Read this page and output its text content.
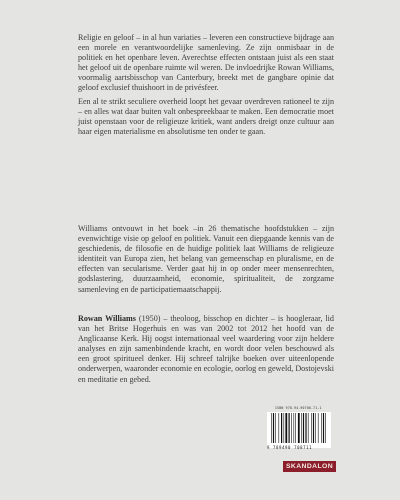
Religie en geloof – in al hun variaties – leveren een constructieve bijdrage aan een morele en verantwoordelijke samenleving. Ze zijn onmisbaar in de politiek en het openbare leven. Averechtse effecten ontstaan juist als een staat het geloof uit de openbare ruimte wil weren. De invloedrijke Rowan Williams, voormalig aartsbisschop van Canterbury, breekt met de gangbare opinie dat geloof exclusief thuishoort in de privésfeer.

Een al te strikt seculiere overheid loopt het gevaar overdreven rationeel te zijn – en alles wat daar buiten valt onbespreekbaar te maken. Een democratie moet juist openstaan voor de religieuze kritiek, want anders dreigt onze cultuur aan haar eigen materialisme en absolutisme ten onder te gaan.

Williams ontvouwt in het boek –in 26 thematische hoofdstukken – zijn evenwichtige visie op geloof en politiek. Vanuit een diepgaande kennis van de geschiedenis, de filosofie en de huidige politiek laat Williams de religieuze identiteit van Europa zien, het belang van gemeenschap en pluralisme, en de effecten van secularisme. Verder gaat hij in op onder meer mensenrechten, godslastering, duurzaamheid, economie, spiritualiteit, de zorgzame samenleving en de participatiemaatschappij.

Rowan Williams (1950) – theoloog, bisschop en dichter – is hoogleraar, lid van het Britse Hogerhuis en was van 2002 tot 2012 het hoofd van de Anglicaanse Kerk. Hij oogst internationaal veel waardering voor zijn heldere analyses en zijn samenbindende kracht, en wordt door velen beschouwd als een groot spiritueel denker. Hij schreef talrijke boeken over uiteenlopende onderwerpen, waaronder economie en ecologie, oorlog en geweld, Dostojevski en meditatie en gebed.

ISBN 978-94-90708-71-1
9 789490 708711
SKANDALON
